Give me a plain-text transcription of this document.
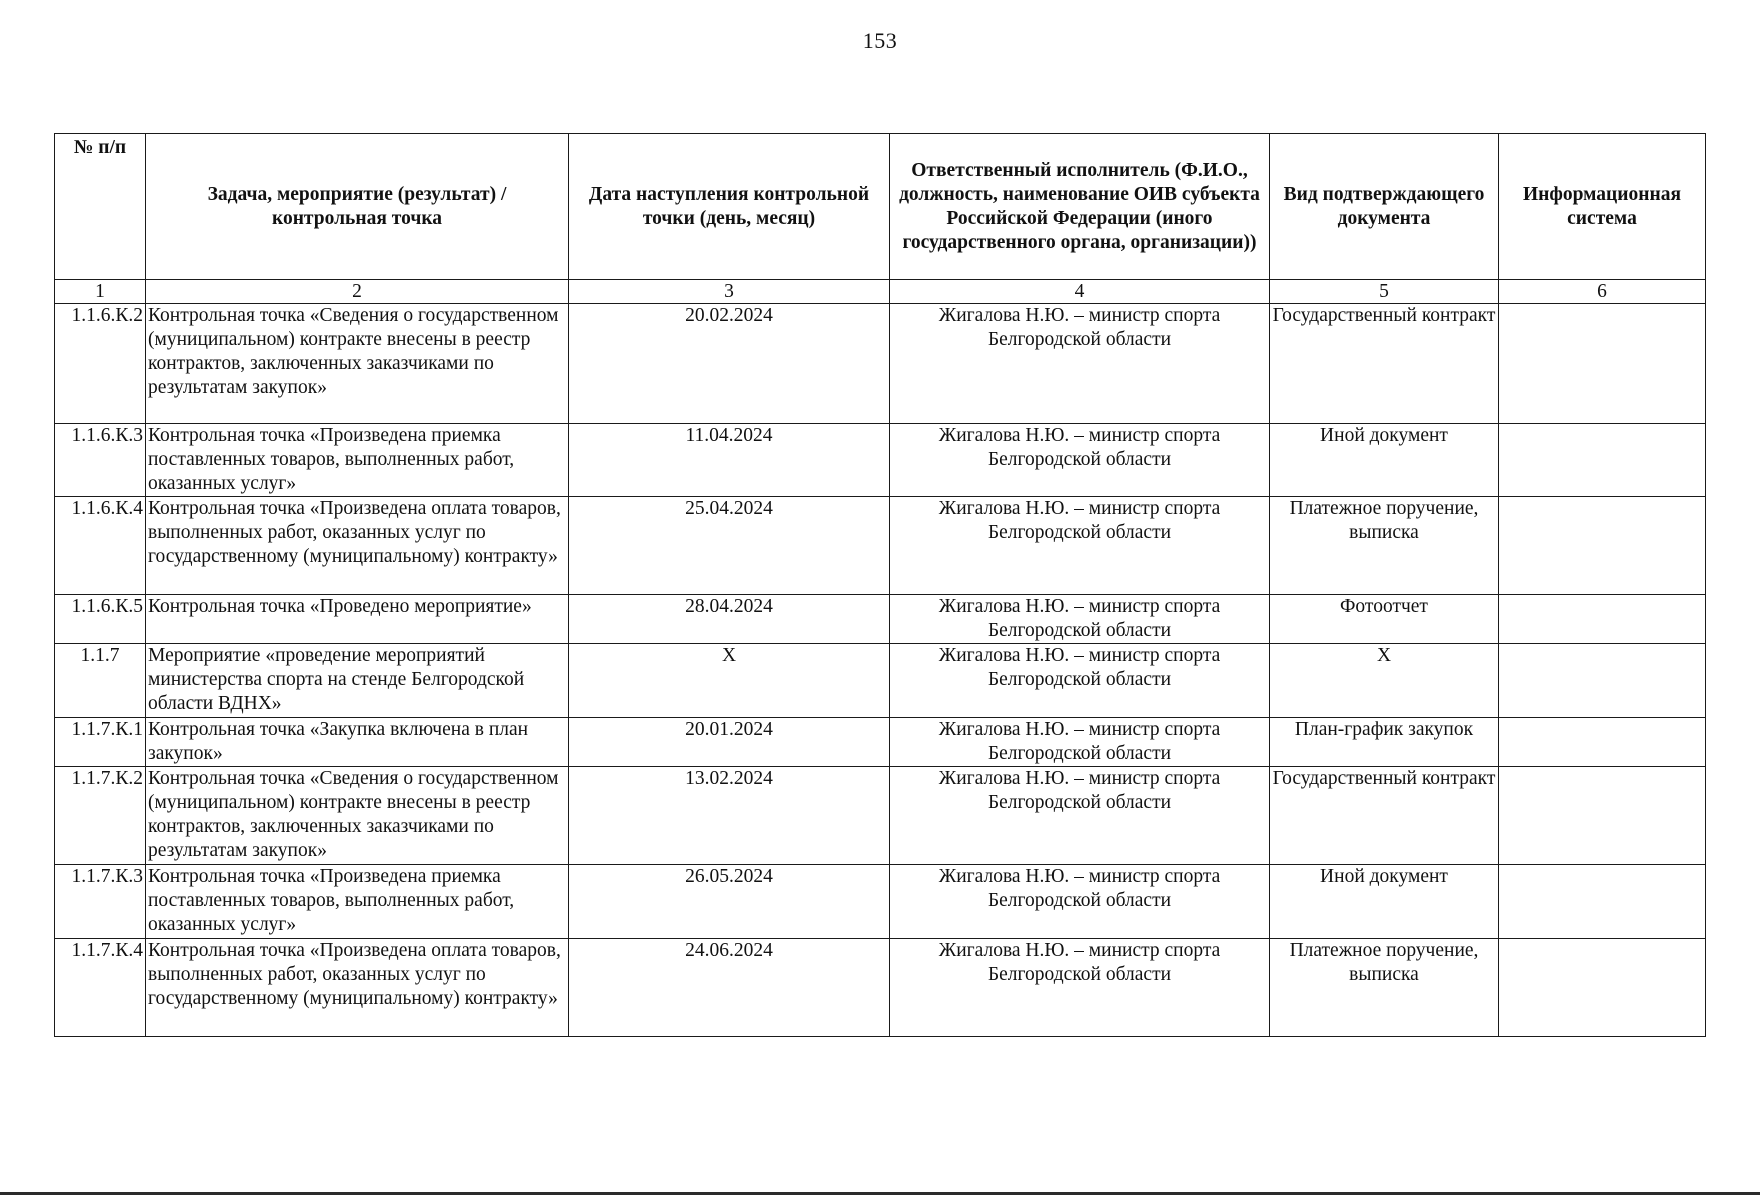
153
№ п/п	Задача, мероприятие (результат) / контрольная точка	Дата наступления контрольной точки (день, месяц)	Ответственный исполнитель (Ф.И.О., должность, наименование ОИВ субъекта Российской Федерации (иного государственного органа, организации))	Вид подтверждающего документа	Информационная система
1	2	3	4	5	6
1.1.6.К.2	Контрольная точка «Сведения о государственном (муниципальном) контракте внесены в реестр контрактов, заключенных заказчиками по результатам закупок»	20.02.2024	Жигалова Н.Ю. – министр спорта Белгородской области	Государственный контракт	
1.1.6.К.3	Контрольная точка «Произведена приемка поставленных товаров, выполненных работ, оказанных услуг»	11.04.2024	Жигалова Н.Ю. – министр спорта Белгородской области	Иной документ	
1.1.6.К.4	Контрольная точка «Произведена оплата товаров, выполненных работ, оказанных услуг по государственному (муниципальному) контракту»	25.04.2024	Жигалова Н.Ю. – министр спорта Белгородской области	Платежное поручение, выписка	
1.1.6.К.5	Контрольная точка «Проведено мероприятие»	28.04.2024	Жигалова Н.Ю. – министр спорта Белгородской области	Фотоотчет	
1.1.7	Мероприятие «проведение мероприятий министерства спорта на стенде Белгородской области ВДНХ»	Х	Жигалова Н.Ю. – министр спорта Белгородской области	Х	
1.1.7.К.1	Контрольная точка «Закупка включена в план закупок»	20.01.2024	Жигалова Н.Ю. – министр спорта Белгородской области	План-график закупок	
1.1.7.К.2	Контрольная точка «Сведения о государственном (муниципальном) контракте внесены в реестр контрактов, заключенных заказчиками по результатам закупок»	13.02.2024	Жигалова Н.Ю. – министр спорта Белгородской области	Государственный контракт	
1.1.7.К.3	Контрольная точка «Произведена приемка поставленных товаров, выполненных работ, оказанных услуг»	26.05.2024	Жигалова Н.Ю. – министр спорта Белгородской области	Иной документ	
1.1.7.К.4	Контрольная точка «Произведена оплата товаров, выполненных работ, оказанных услуг по государственному (муниципальному) контракту»	24.06.2024	Жигалова Н.Ю. – министр спорта Белгородской области	Платежное поручение, выписка	
